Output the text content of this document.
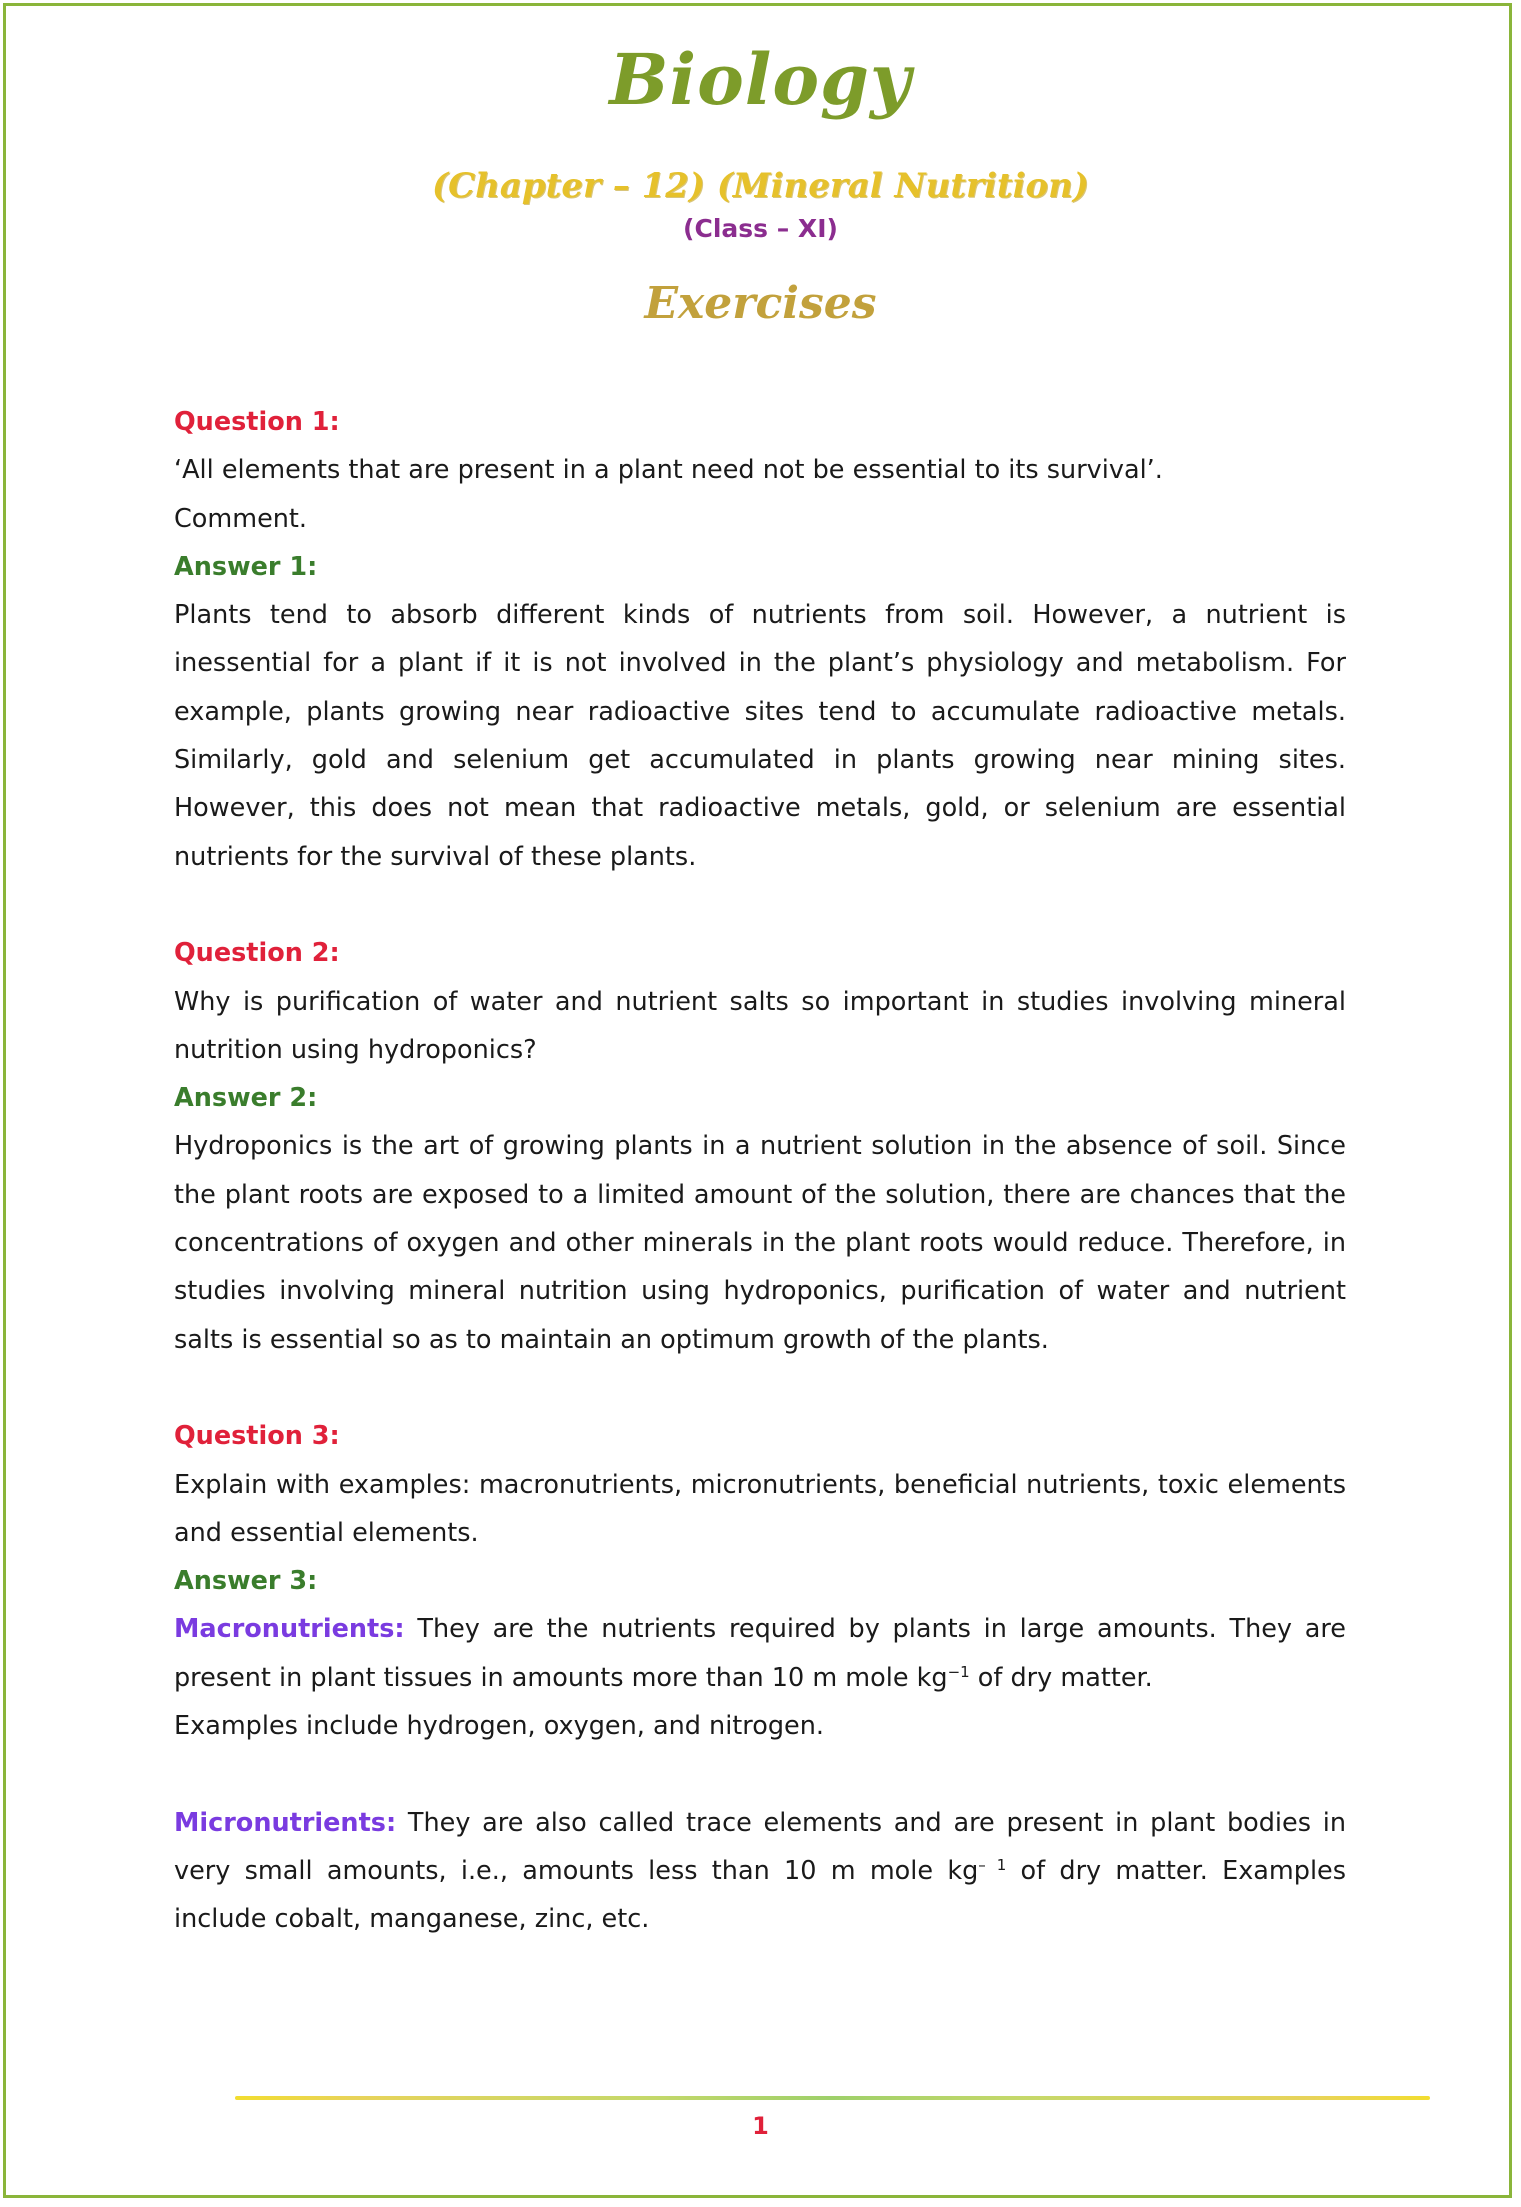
Biology
(Chapter – 12) (Mineral Nutrition)
(Class – XI)
Exercises
Question 1:
‘All elements that are present in a plant need not be essential to its survival’.
Comment.
Answer 1:

Plants tend to absorb different kinds of nutrients from soil. However, a nutrient is inessential for a plant if it is not involved in the plant’s physiology and metabolism. For example, plants growing near radioactive sites tend to accumulate radioactive metals. Similarly, gold and selenium get accumulated in plants growing near mining sites. However, this does not mean that radioactive metals, gold, or selenium are essential nutrients for the survival of these plants.

Question 2:

Why is purification of water and nutrient salts so important in studies involving mineral nutrition using hydroponics?

Answer 2:

Hydroponics is the art of growing plants in a nutrient solution in the absence of soil. Since the plant roots are exposed to a limited amount of the solution, there are chances that the concentrations of oxygen and other minerals in the plant roots would reduce. Therefore, in studies involving mineral nutrition using hydroponics, purification of water and nutrient salts is essential so as to maintain an optimum growth of the plants.

Question 3:

Explain with examples: macronutrients, micronutrients, beneficial nutrients, toxic elements and essential elements.

Answer 3:

Macronutrients: They are the nutrients required by plants in large amounts. They are present in plant tissues in amounts more than 10 m mole $kg^{-1}$ of dry matter.

Examples include hydrogen, oxygen, and nitrogen.

Micronutrients: They are also called trace elements and are present in plant bodies in very small amounts, i.e., amounts less than 10 m mole $kg^{- 1}$ of dry matter. Examples include cobalt, manganese, zinc, etc.

1
